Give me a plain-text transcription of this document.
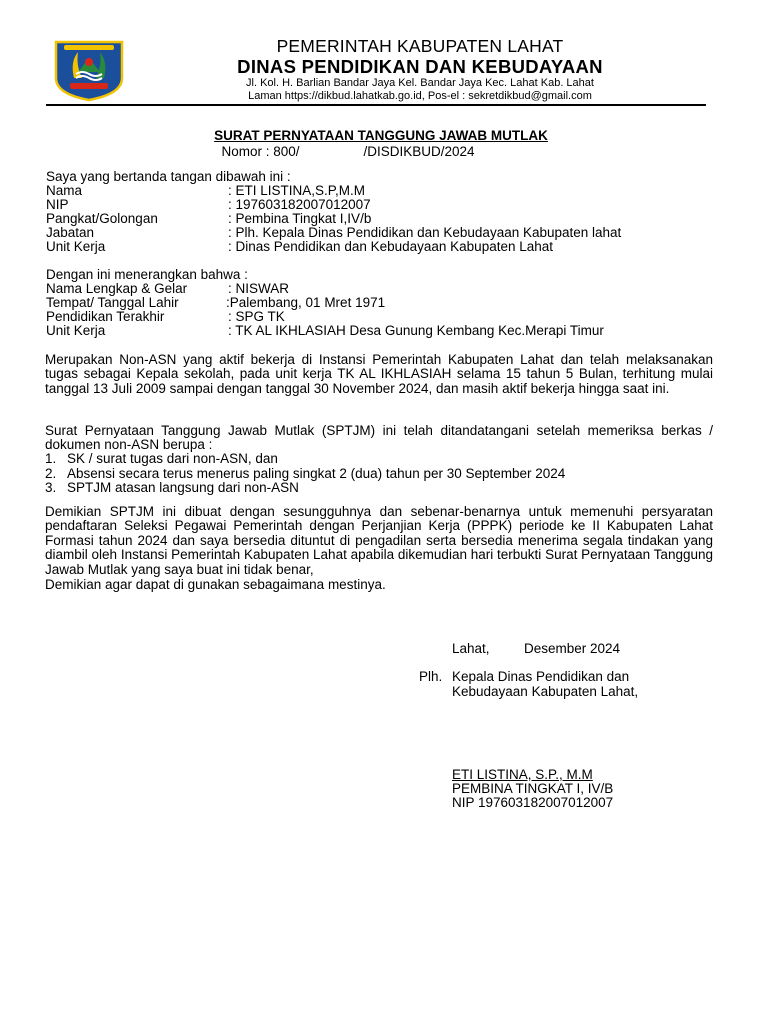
PEMERINTAH KABUPATEN LAHAT
DINAS PENDIDIKAN DAN KEBUDAYAAN
Jl. Kol. H. Barlian Bandar Jaya Kel. Bandar Jaya Kec. Lahat Kab. Lahat
Laman https://dikbud.lahatkab.go.id, Pos-el : sekretdikbud@gmail.com
SURAT PERNYATAAN TANGGUNG JAWAB MUTLAK
Nomor : 800/	/DISDIKBUD/2024
Saya yang bertanda tangan dibawah ini :
Nama	: ETI LISTINA,S.P,M.M
NIP	: 197603182007012007
Pangkat/Golongan	: Pembina Tingkat I,IV/b
Jabatan	: Plh. Kepala Dinas Pendidikan dan Kebudayaan Kabupaten lahat
Unit Kerja	: Dinas Pendidikan dan Kebudayaan Kabupaten Lahat
Dengan ini menerangkan bahwa :
Nama Lengkap & Gelar	: NISWAR
Tempat/ Tanggal Lahir	:Palembang, 01 Mret 1971
Pendidikan Terakhir	: SPG TK
Unit Kerja	: TK AL IKHLASIAH Desa Gunung Kembang Kec.Merapi Timur
Merupakan Non-ASN yang aktif bekerja di Instansi Pemerintah Kabupaten Lahat dan telah melaksanakan tugas sebagai Kepala sekolah, pada unit kerja TK AL IKHLASIAH selama 15 tahun 5 Bulan, terhitung mulai tanggal 13 Juli 2009 sampai dengan tanggal 30 November 2024, dan masih aktif bekerja hingga saat ini.
Surat Pernyataan Tanggung Jawab Mutlak (SPTJM) ini telah ditandatangani setelah memeriksa berkas / dokumen non-ASN berupa :
1. SK / surat tugas dari non-ASN, dan
2. Absensi secara terus menerus paling singkat 2 (dua) tahun per 30 September 2024
3. SPTJM atasan langsung dari non-ASN
Demikian SPTJM ini dibuat dengan sesungguhnya dan sebenar-benarnya untuk memenuhi persyaratan pendaftaran Seleksi Pegawai Pemerintah dengan Perjanjian Kerja (PPPK) periode ke II Kabupaten Lahat Formasi tahun 2024 dan saya bersedia dituntut di pengadilan serta bersedia menerima segala tindakan yang diambil oleh Instansi Pemerintah Kabupaten Lahat apabila dikemudian hari terbukti Surat Pernyataan Tanggung Jawab Mutlak yang saya buat ini tidak benar,
Demikian agar dapat di gunakan sebagaimana mestinya.
Lahat,	Desember 2024
Plh. Kepala Dinas Pendidikan dan
Kebudayaan Kabupaten Lahat,
ETI LISTINA, S.P., M.M
PEMBINA TINGKAT I, IV/B
NIP 197603182007012007
